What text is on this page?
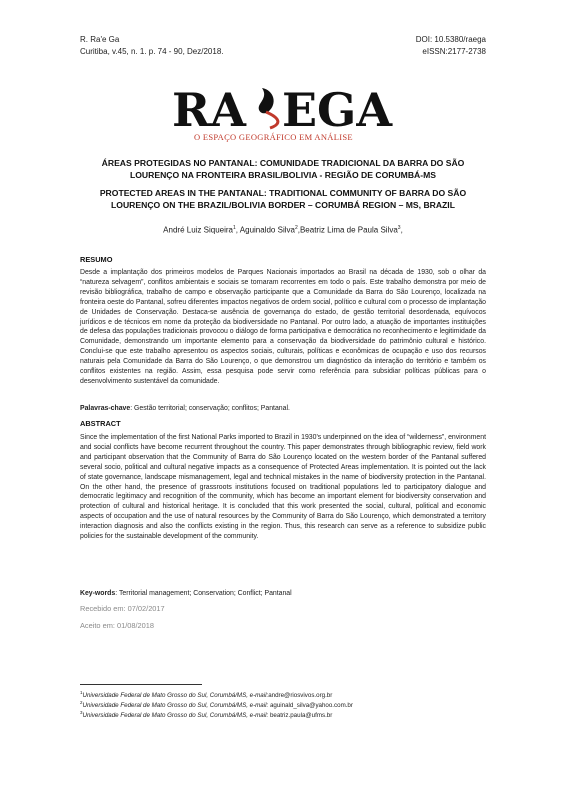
R. Ra'e Ga
Curitiba, v.45, n. 1. p. 74 - 90, Dez/2018.
DOI: 10.5380/raega
eISSN:2177-2738
RA EGA
O ESPAÇO GEOGRÁFICO EM ANÁLISE
ÁREAS PROTEGIDAS NO PANTANAL: COMUNIDADE TRADICIONAL DA BARRA DO SÃO
LOURENÇO NA FRONTEIRA BRASIL/BOLIVIA - REGIÃO DE CORUMBÁ-MS
PROTECTED AREAS IN THE PANTANAL: TRADITIONAL COMMUNITY OF BARRA DO SÃO
LOURENÇO ON THE BRAZIL/BOLIVIA BORDER – CORUMBÁ REGION – MS, BRAZIL
André Luiz Siqueira$^1$, Aguinaldo Silva$^2$,Beatriz Lima de Paula Silva$^3$,
RESUMO
Desde a implantação dos primeiros modelos de Parques Nacionais importados ao Brasil na década de 1930, sob o olhar da “natureza selvagem”, conflitos ambientais e sociais se tornaram recorrentes em todo o país. Este trabalho demonstra por meio de revisão bibliográfica, trabalho de campo e observação participante que a Comunidade da Barra do São Lourenço, localizada na fronteira oeste do Pantanal, sofreu diferentes impactos negativos de ordem social, político e cultural com o processo de implantação de Unidades de Conservação. Destaca-se ausência de governança do estado, de gestão territorial desordenada, equívocos jurídicos e de técnicos em nome da proteção da biodiversidade no Pantanal. Por outro lado, a atuação de importantes instituições de defesa das populações tradicionais provocou o diálogo de forma participativa e democrática no reconhecimento e legitimidade da Comunidade, demonstrando um importante elemento para a conservação da biodiversidade do patrimônio cultural e histórico. Conclui-se que este trabalho apresentou os aspectos sociais, culturais, políticas e econômicas de ocupação e uso dos recursos naturais pela Comunidade da Barra do São Lourenço, o que demonstrou um diagnóstico da interação do território e também os conflitos existentes na região. Assim, essa pesquisa pode servir como referência para subsidiar políticas públicas para o desenvolvimento sustentável da comunidade.
Palavras-chave: Gestão territorial; conservação; conflitos; Pantanal.
ABSTRACT
Since the implementation of the first National Parks imported to Brazil in 1930's underpinned on the idea of “wilderness”, environment and social conflicts have become recurrent throughout the country. This paper demonstrates through bibliographic review, field work and participant observation that the Community of Barra do São Lourenço located on the western border of the Pantanal suffered several socio, political and cultural negative impacts as a consequence of Protected Areas implementation. It is pointed out the lack of state governance, landscape mismanagement, legal and technical mistakes in the name of biodiversity protection in the Pantanal. On the other hand, the presence of grassroots institutions focused on traditional populations led to participatory dialogue and democratic legitimacy and recognition of the community, which has become an important element for biodiversity conservation and protection of cultural and historical heritage. It is concluded that this work presented the social, cultural, political and economic aspects of occupation and the use of natural resources by the Community of Barra do São Lourenço, which demonstrated a territory interaction diagnosis and also the conflicts existing in the region. Thus, this research can serve as a reference to subsidize public policies for the sustainable development of the community.
Key-words: Territorial management; Conservation; Conflict; Pantanal
Recebido em: 07/02/2017
Aceito em: 01/08/2018
$^1$Universidade Federal de Mato Grosso do Sul, Corumbá/MS, e-mail:andre@riosvivos.org.br
$^2$Universidade Federal de Mato Grosso do Sul, Corumbá/MS, e-mail: aguinald_silva@yahoo.com.br
$^3$Universidade Federal de Mato Grosso do Sul, Corumbá/MS, e-mail: beatriz.paula@ufms.br
